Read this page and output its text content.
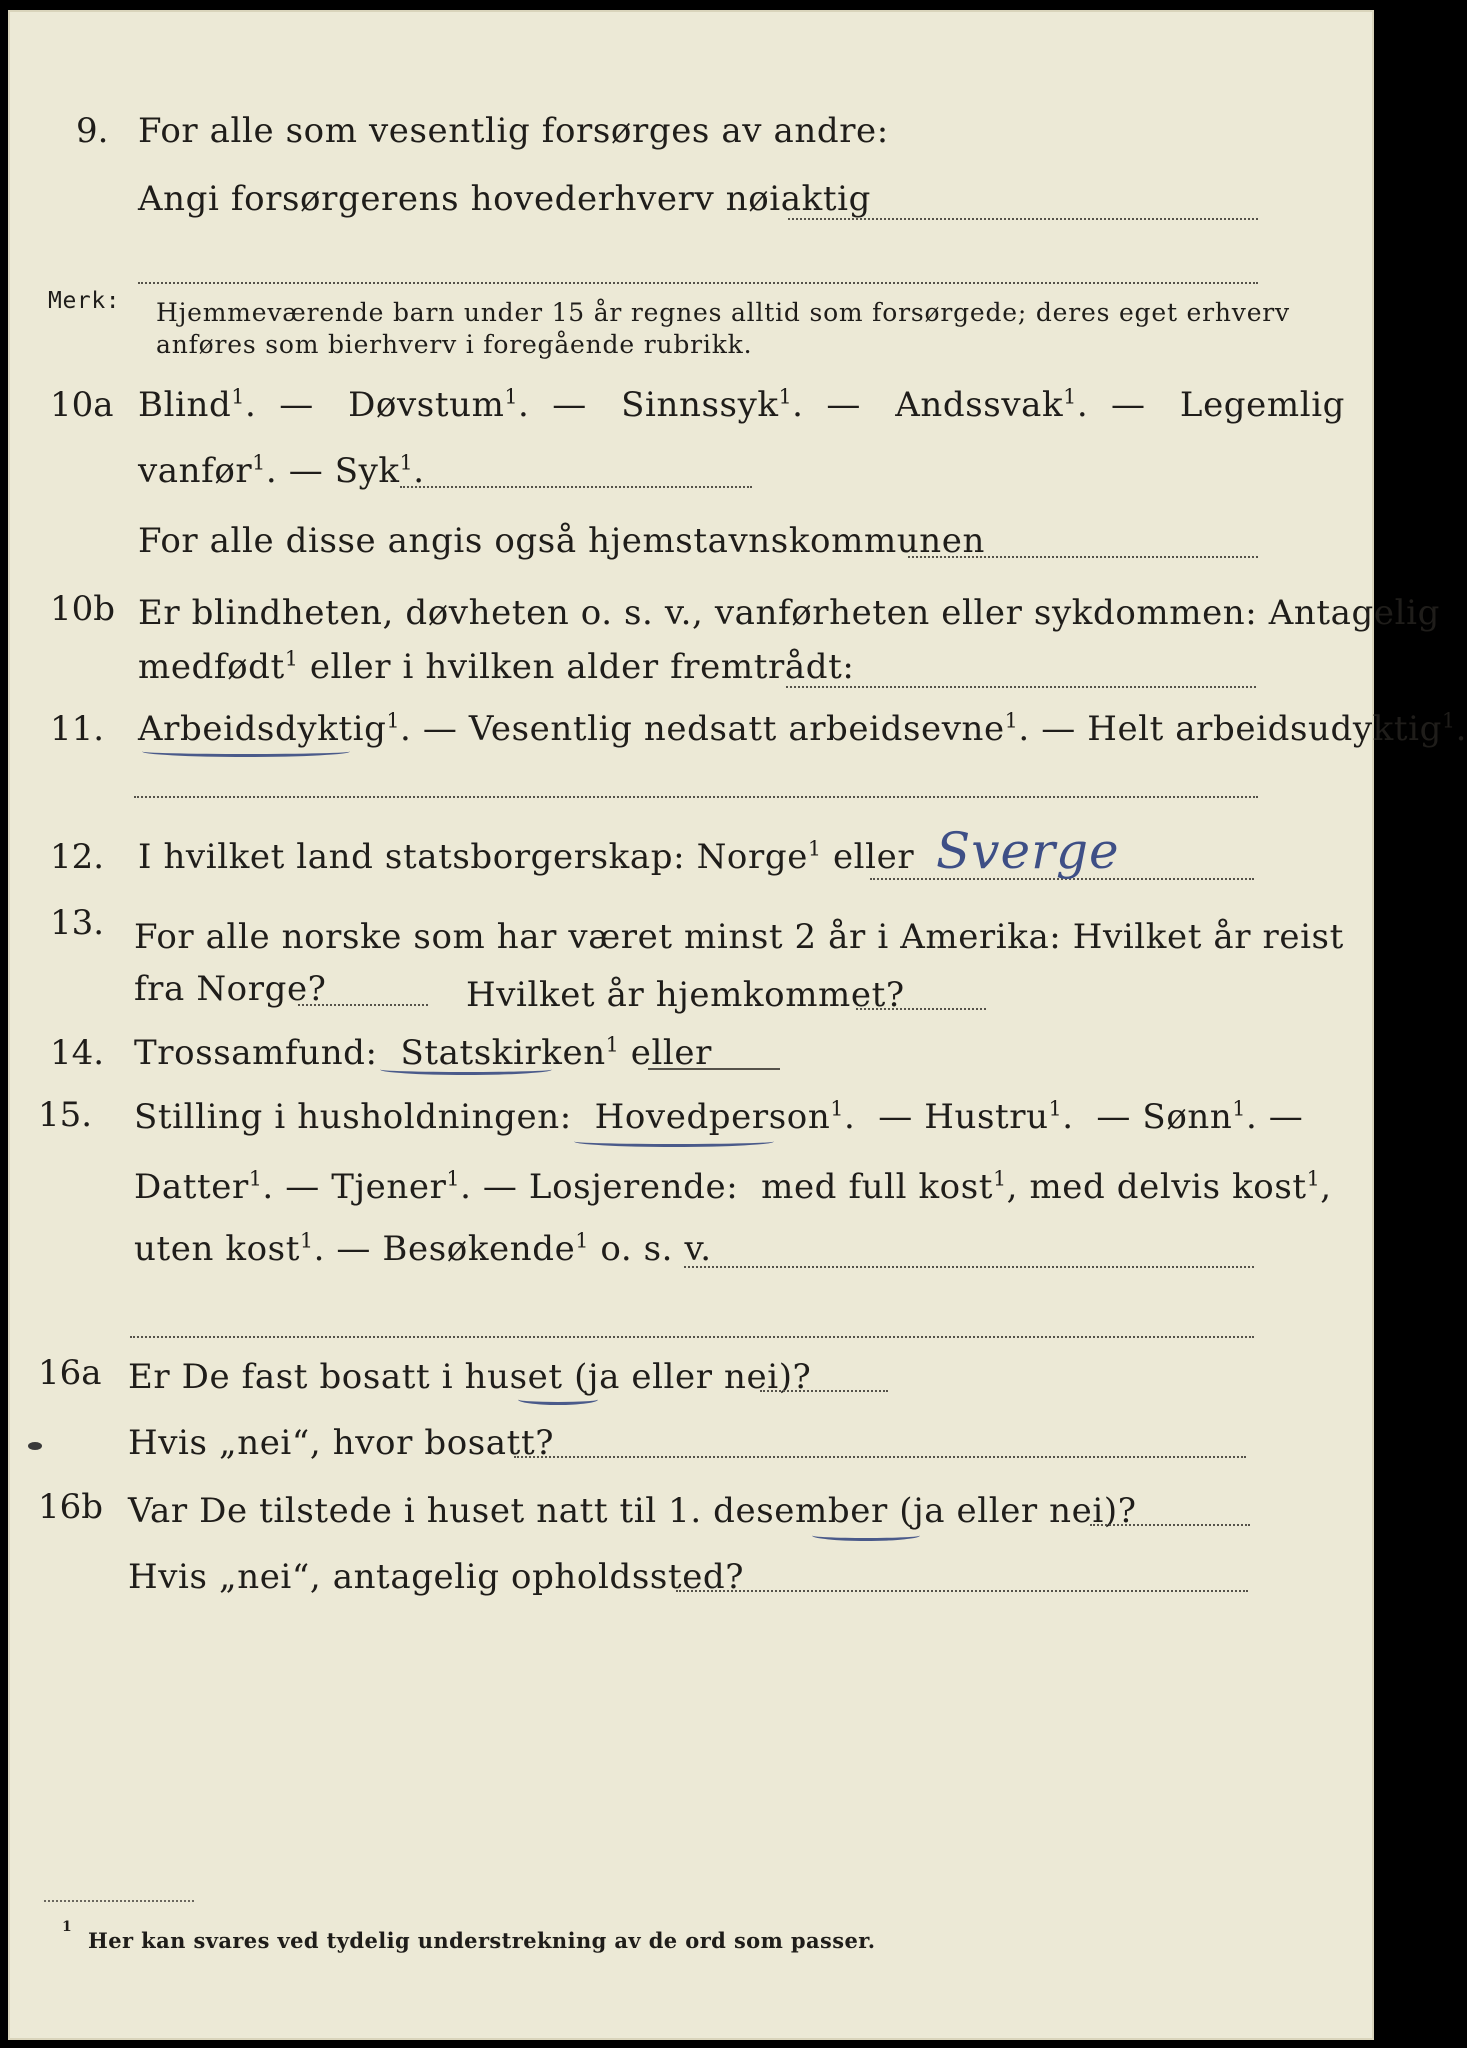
9. For alle som vesentlig forsørges av andre:
Angi forsørgerens hovederhverv nøiaktig
Merk: Hjemmeværende barn under 15 år regnes alltid som forsørgede; deres eget erhverv
anføres som bierhverv i foregående rubrikk.
10a Blind$^1$.  — Døvstum$^1$.  — Sinnssyk$^1$.  — Andssvak$^1$.  — Legemlig
vanfør$^1$. — Syk$^1$.
For alle disse angis også hjemstavnskommunen
10b Er blindheten, døvheten o. s. v., vanførheten eller sykdommen: Antagelig
medfødt$^1$ eller i hvilken alder fremtrådt:
11. Arbeidsdyktig$^1$. — Vesentlig nedsatt arbeidsevne$^1$. — Helt arbeidsudyktig$^1$.
12. I hvilket land statsborgerskap: Norge$^1$ eller Sverge
13. For alle norske som har været minst 2 år i Amerika: Hvilket år reist
fra Norge?	Hvilket år hjemkommet?
14. Trossamfund: Statskirken$^1$ eller
15. Stilling i husholdningen: Hovedperson$^1$.  — Hustru$^1$.  — Sønn$^1$. —
Datter$^1$. — Tjener$^1$. — Losjerende: med full kost$^1$, med delvis kost$^1$,
uten kost$^1$. — Besøkende$^1$ o. s. v.
16a Er De fast bosatt i huset (ja eller nei)?
Hvis „nei“, hvor bosatt?
16b Var De tilstede i huset natt til 1. desember (ja eller nei)?
Hvis „nei“, antagelig opholdssted?
1
Her kan svares ved tydelig understrekning av de ord som passer.
